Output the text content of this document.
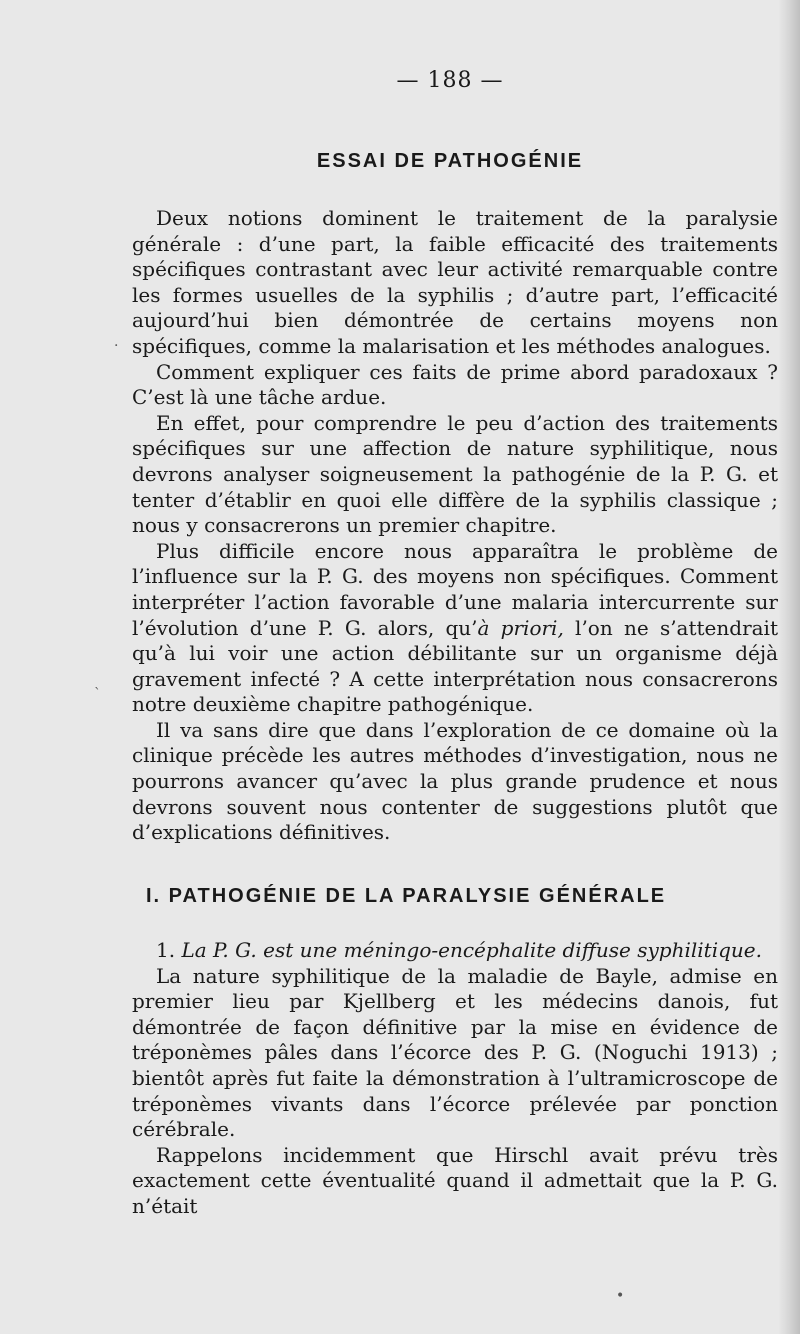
— 188 —
ESSAI DE PATHOGÉNIE

Deux notions dominent le traitement de la paralysie générale : d’une part, la faible efficacité des traitements spécifiques contrastant avec leur activité remarquable contre les formes usuelles de la syphilis ; d’autre part, l’efficacité aujourd’hui bien démontrée de certains moyens non spécifiques, comme la malarisation et les méthodes analogues.

Comment expliquer ces faits de prime abord paradoxaux ? C’est là une tâche ardue.

En effet, pour comprendre le peu d’action des traitements spécifiques sur une affection de nature syphilitique, nous devrons analyser soigneusement la pathogénie de la P. G. et tenter d’établir en quoi elle diffère de la syphilis classique ; nous y consacrerons un premier chapitre.

Plus difficile encore nous apparaîtra le problème de l’influence sur la P. G. des moyens non spécifiques. Comment interpréter l’action favorable d’une malaria intercurrente sur l’évolution d’une P. G. alors, qu’à priori, l’on ne s’attendrait qu’à lui voir une action débilitante sur un organisme déjà gravement infecté ? A cette interprétation nous consacrerons notre deuxième chapitre pathogénique.

Il va sans dire que dans l’exploration de ce domaine où la clinique précède les autres méthodes d’investigation, nous ne pourrons avancer qu’avec la plus grande prudence et nous devrons souvent nous contenter de suggestions plutôt que d’explications définitives.

I. PATHOGÉNIE DE LA PARALYSIE GÉNÉRALE

1. La P. G. est une méningo-encéphalite diffuse syphilitique.

La nature syphilitique de la maladie de Bayle, admise en premier lieu par Kjellberg et les médecins danois, fut démontrée de façon définitive par la mise en évidence de tréponèmes pâles dans l’écorce des P. G. (Noguchi 1913) ; bientôt après fut faite la démonstration à l’ultramicroscope de tréponèmes vivants dans l’écorce prélevée par ponction cérébrale.

Rappelons incidemment que Hirschl avait prévu très exactement cette éventualité quand il admettait que la P. G. n’était

·
`
•
